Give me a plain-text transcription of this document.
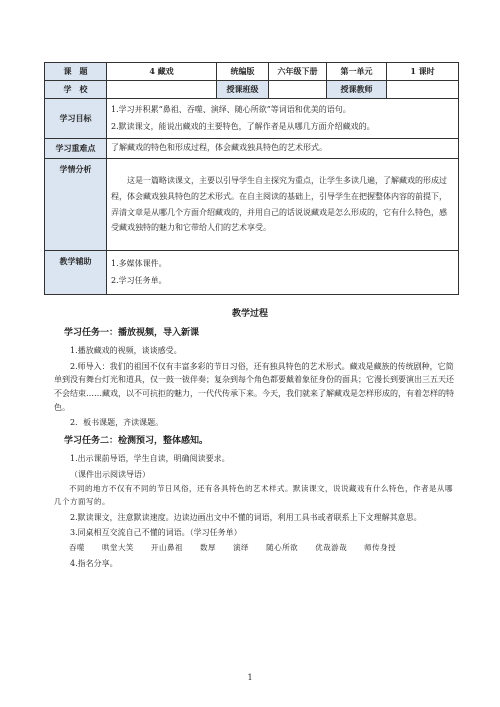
课　题	4 藏戏	统编版	六年级下册	第一单元	1 课时
学　校		授课班级		授课教师	
学习目标	1.学习并积累“鼻祖、吞噬、演绎、随心所欲”等词语和优美的语句。
2.默读课文，能说出藏戏的主要特色，了解作者是从哪几方面介绍藏戏的。				

学习重难点	了解藏戏的特色和形成过程，体会藏戏独具特色的艺术形式。				
学情分析	这是一篇略读课文，主要以引导学生自主探究为重点，让学生多读几遍，了解藏戏的形成过程，体会藏戏独具特色的艺术形式。在自主阅读的基础上，引导学生在把握整体内容的前提下，弄清文章是从哪几个方面介绍藏戏的，并用自己的话说说藏戏是怎么形成的，它有什么特色，感受藏戏独特的魅力和它带给人们的艺术享受。				
教学辅助	1.多媒体课件。
2.学习任务单。				
教学过程
学习任务一：播放视频，导入新课
1.播放藏戏的视频，谈谈感受。
2.师导入：我们的祖国不仅有丰富多彩的节日习俗，还有独具特色的艺术形式。藏戏是藏族的传统剧种，它简单到没有舞台灯光和道具，仅一鼓一钹伴奏；复杂到每个角色都要戴着象征身份的面具；它漫长到要演出三五天还不会结束……藏戏，以不可抗拒的魅力，一代代传承下来。今天，我们就来了解藏戏是怎样形成的，有着怎样的特色。
2．板书课题，齐读课题。
学习任务二：检测预习，整体感知。
1.出示课前导语，学生自读，明确阅读要求。
（课件出示阅读导语）
不同的地方不仅有不同的节日风俗，还有各具特色的艺术样式。默读课文，说说藏戏有什么特色，作者是从哪几个方面写的。
2.默读课文，注意默读速度。边读边画出文中不懂的词语，利用工具书或者联系上下文理解其意思。
3.同桌相互交流自己不懂的词语。（学习任务单）
吞噬 哄堂大笑 开山鼻祖 数厚 演绎 随心所欲 优哉游哉 师传身授
4.指名分享。
1
